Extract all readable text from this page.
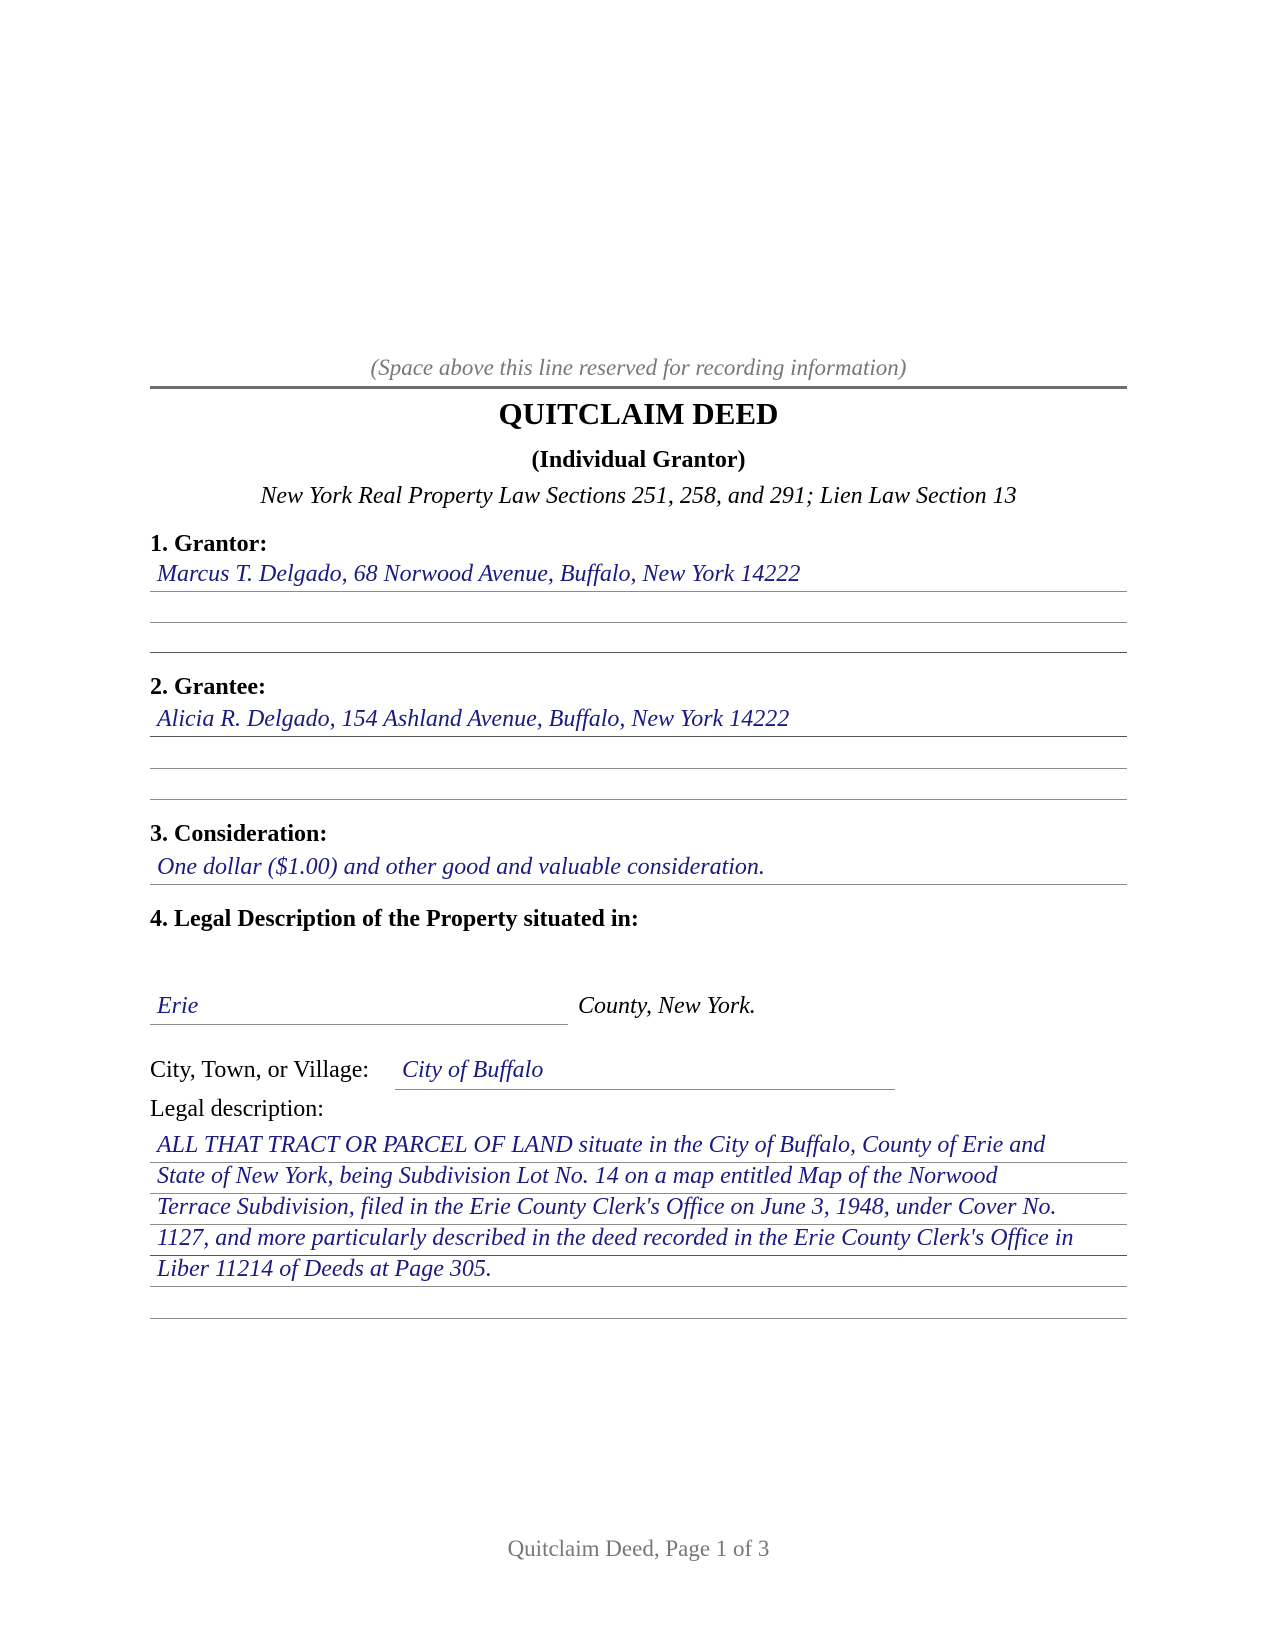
(Space above this line reserved for recording information)
QUITCLAIM DEED
(Individual Grantor)
New York Real Property Law Sections 251, 258, and 291; Lien Law Section 13
1. Grantor:
Marcus T. Delgado, 68 Norwood Avenue, Buffalo, New York 14222
2. Grantee:
Alicia R. Delgado, 154 Ashland Avenue, Buffalo, New York 14222
3. Consideration:
One dollar ($1.00) and other good and valuable consideration.
4. Legal Description of the Property situated in:
Erie	County, New York.
City, Town, or Village: City of Buffalo
Legal description:
ALL THAT TRACT OR PARCEL OF LAND situate in the City of Buffalo, County of Erie and
State of New York, being Subdivision Lot No. 14 on a map entitled Map of the Norwood
Terrace Subdivision, filed in the Erie County Clerk's Office on June 3, 1948, under Cover No.
1127, and more particularly described in the deed recorded in the Erie County Clerk's Office in
Liber 11214 of Deeds at Page 305.
Quitclaim Deed, Page 1 of 3
